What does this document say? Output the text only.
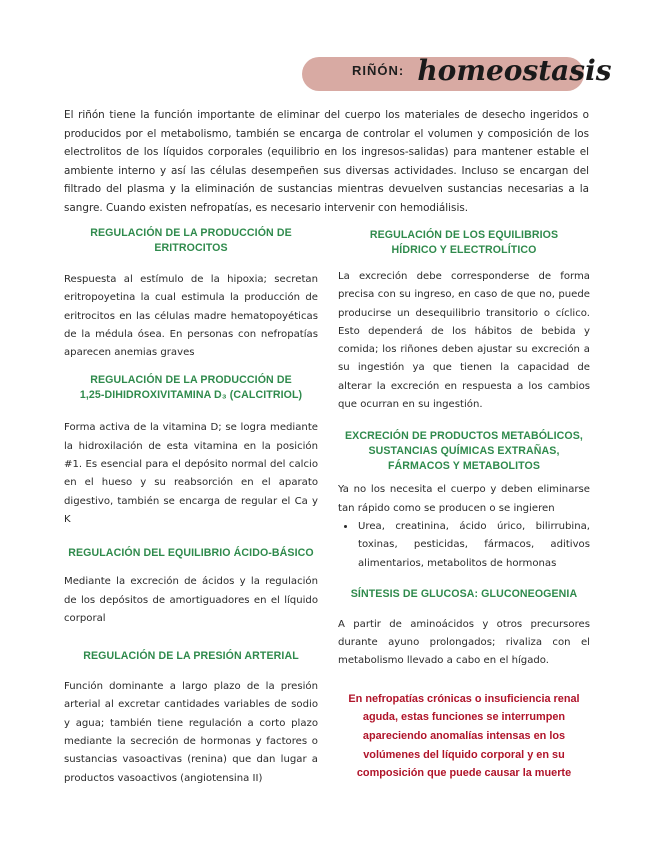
RIÑÓN: homeostasis

El riñón tiene la función importante de eliminar del cuerpo los materiales de desecho ingeridos o producidos por el metabolismo, también se encarga de controlar el volumen y composición de los electrolitos de los líquidos corporales (equilibrio en los ingresos-salidas) para mantener estable el ambiente interno y así las células desempeñen sus diversas actividades. Incluso se encargan del filtrado del plasma y la eliminación de sustancias mientras devuelven sustancias necesarias a la sangre. Cuando existen nefropatías, es necesario intervenir con hemodiálisis.

REGULACIÓN DE LA PRODUCCIÓN DE ERITROCITOS

Respuesta al estímulo de la hipoxia; secretan eritropoyetina la cual estimula la producción de eritrocitos en las células madre hematopoyéticas de la médula ósea. En personas con nefropatías aparecen anemias graves

REGULACIÓN DE LA PRODUCCIÓN DE 1,25-DIHIDROXIVITAMINA D₃ (CALCITRIOL)

Forma activa de la vitamina D; se logra mediante la hidroxilación de esta vitamina en la posición #1. Es esencial para el depósito normal del calcio en el hueso y su reabsorción en el aparato digestivo, también se encarga de regular el Ca y K

REGULACIÓN DEL EQUILIBRIO ÁCIDO-BÁSICO

Mediante la excreción de ácidos y la regulación de los depósitos de amortiguadores en el líquido corporal

REGULACIÓN DE LA PRESIÓN ARTERIAL

Función dominante a largo plazo de la presión arterial al excretar cantidades variables de sodio y agua; también tiene regulación a corto plazo mediante la secreción de hormonas y factores o sustancias vasoactivas (renina) que dan lugar a productos vasoactivos (angiotensina II)

REGULACIÓN DE LOS EQUILIBRIOS HÍDRICO Y ELECTROLÍTICO

La excreción debe corresponderse de forma precisa con su ingreso, en caso de que no, puede producirse un desequilibrio transitorio o cíclico. Esto dependerá de los hábitos de bebida y comida; los riñones deben ajustar su excreción a su ingestión ya que tienen la capacidad de alterar la excreción en respuesta a los cambios que ocurran en su ingestión.

EXCRECIÓN DE PRODUCTOS METABÓLICOS, SUSTANCIAS QUÍMICAS EXTRAÑAS, FÁRMACOS Y METABOLITOS

Ya no los necesita el cuerpo y deben eliminarse tan rápido como se producen o se ingieren

• Urea, creatinina, ácido úrico, bilirrubina, toxinas, pesticidas, fármacos, aditivos alimentarios, metabolitos de hormonas
SÍNTESIS DE GLUCOSA: GLUCONEOGENIA

A partir de aminoácidos y otros precursores durante ayuno prolongados; rivaliza con el metabolismo llevado a cabo en el hígado.

En nefropatías crónicas o insuficiencia renal aguda, estas funciones se interrumpen apareciendo anomalías intensas en los volúmenes del líquido corporal y en su composición que puede causar la muerte
